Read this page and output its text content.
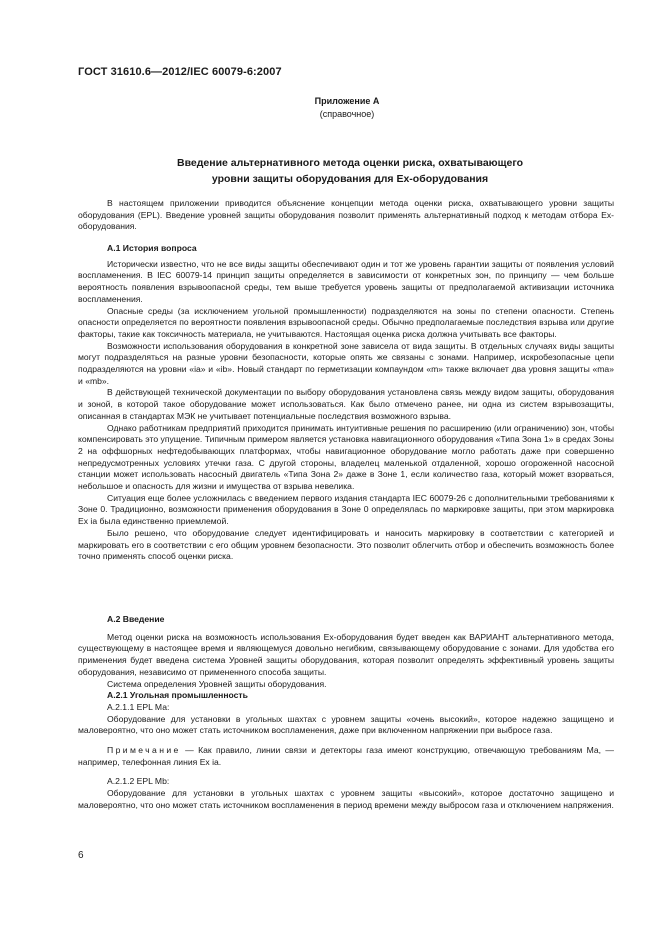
ГОСТ 31610.6—2012/IEC 60079-6:2007
Приложение А
(справочное)
Введение альтернативного метода оценки риска, охватывающего
уровни защиты оборудования для Ех-оборудования

В настоящем приложении приводится объяснение концепции метода оценки риска, охватывающего уровни защиты оборудования (EPL). Введение уровней защиты оборудования позволит применять альтернативный подход к методам отбора Ех-оборудования.

А.1 История вопроса

Исторически известно, что не все виды защиты обеспечивают один и тот же уровень гарантии защиты от появления условий воспламенения. В IEC 60079-14 принцип защиты определяется в зависимости от конкретных зон, по принципу — чем больше вероятность появления взрывоопасной среды, тем выше требуется уровень защиты от предполагаемой активизации источника воспламенения.

Опасные среды (за исключением угольной промышленности) подразделяются на зоны по степени опасности. Степень опасности определяется по вероятности появления взрывоопасной среды. Обычно предполагаемые последствия взрыва или другие факторы, такие как токсичность материала, не учитываются. Настоящая оценка риска должна учитывать все факторы.

Возможности использования оборудования в конкретной зоне зависела от вида защиты. В отдельных случаях виды защиты могут подразделяться на разные уровни безопасности, которые опять же связаны с зонами. Например, искробезопасные цепи подразделяются на уровни «ia» и «ib». Новый стандарт по герметизации компаундом «m» также включает два уровня защиты «ma» и «mb».

В действующей технической документации по выбору оборудования установлена связь между видом защиты, оборудования и зоной, в которой такое оборудование может использоваться. Как было отмечено ранее, ни одна из систем взрывозащиты, описанная в стандартах МЭК не учитывает потенциальные последствия возможного взрыва.

Однако работникам предприятий приходится принимать интуитивные решения по расширению (или ограничению) зон, чтобы компенсировать это упущение. Типичным примером является установка навигационного оборудования «Типа Зона 1» в средах Зоны 2 на оффшорных нефтедобывающих платформах, чтобы навигационное оборудование могло работать даже при совершенно непредусмотренных условиях утечки газа. С другой стороны, владелец маленькой отдаленной, хорошо огороженной насосной станции может использовать насосный двигатель «Типа Зона 2» даже в Зоне 1, если количество газа, который может взорваться, небольшое и опасность для жизни и имущества от взрыва невелика.

Ситуация еще более усложнилась с введением первого издания стандарта IEC 60079-26 с дополнительными требованиями к Зоне 0. Традиционно, возможности применения оборудования в Зоне 0 определялась по маркировке защиты, при этом маркировка Ех ia была единственно приемлемой.

Было решено, что оборудование следует идентифицировать и наносить маркировку в соответствии с категорией и маркировать его в соответствии с его общим уровнем безопасности. Это позволит облегчить отбор и обеспечить возможность более точно применять способ оценки риска.

А.2 Введение

Метод оценки риска на возможность использования Ех-оборудования будет введен как ВАРИАНТ альтернативного метода, существующему в настоящее время и являющемуся довольно негибким, связывающему оборудование с зонами. Для удобства его применения будет введена система Уровней защиты оборудования, которая позволит определять эффективный уровень защиты оборудования, независимо от примененного способа защиты.

Система определения Уровней защиты оборудования.
А.2.1 Угольная промышленность
А.2.1.1 EPL Ма:

Оборудование для установки в угольных шахтах с уровнем защиты «очень высокий», которое надежно защищено и маловероятно, что оно может стать источником воспламенения, даже при включенном напряжении при выбросе газа.

Примечание — Как правило, линии связи и детекторы газа имеют конструкцию, отвечающую требованиям Ма, — например, телефонная линия Ех ia.

А.2.1.2 EPL Mb:

Оборудование для установки в угольных шахтах с уровнем защиты «высокий», которое достаточно защищено и маловероятно, что оно может стать источником воспламенения в период времени между выбросом газа и отключением напряжения.

6
